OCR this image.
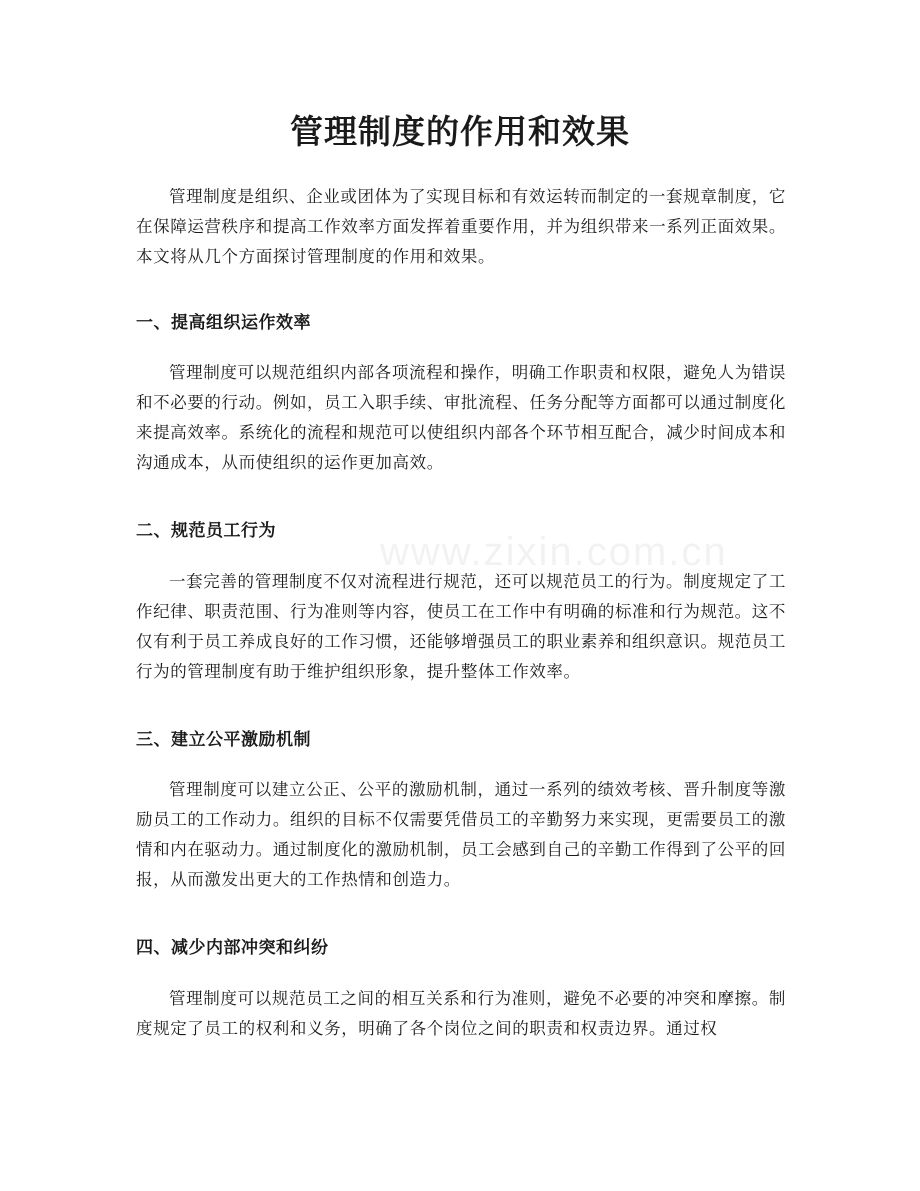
www.zixin.com.cn
管理制度的作用和效果

管理制度是组织、企业或团体为了实现目标和有效运转而制定的一套规章制度，它在保障运营秩序和提高工作效率方面发挥着重要作用，并为组织带来一系列正面效果。本文将从几个方面探讨管理制度的作用和效果。

一、提高组织运作效率

管理制度可以规范组织内部各项流程和操作，明确工作职责和权限，避免人为错误和不必要的行动。例如，员工入职手续、审批流程、任务分配等方面都可以通过制度化来提高效率。系统化的流程和规范可以使组织内部各个环节相互配合，减少时间成本和沟通成本，从而使组织的运作更加高效。

二、规范员工行为

一套完善的管理制度不仅对流程进行规范，还可以规范员工的行为。制度规定了工作纪律、职责范围、行为准则等内容，使员工在工作中有明确的标准和行为规范。这不仅有利于员工养成良好的工作习惯，还能够增强员工的职业素养和组织意识。规范员工行为的管理制度有助于维护组织形象，提升整体工作效率。

三、建立公平激励机制

管理制度可以建立公正、公平的激励机制，通过一系列的绩效考核、晋升制度等激励员工的工作动力。组织的目标不仅需要凭借员工的辛勤努力来实现，更需要员工的激情和内在驱动力。通过制度化的激励机制，员工会感到自己的辛勤工作得到了公平的回报，从而激发出更大的工作热情和创造力。

四、减少内部冲突和纠纷

管理制度可以规范员工之间的相互关系和行为准则，避免不必要的冲突和摩擦。制度规定了员工的权利和义务，明确了各个岗位之间的职责和权责边界。通过权
